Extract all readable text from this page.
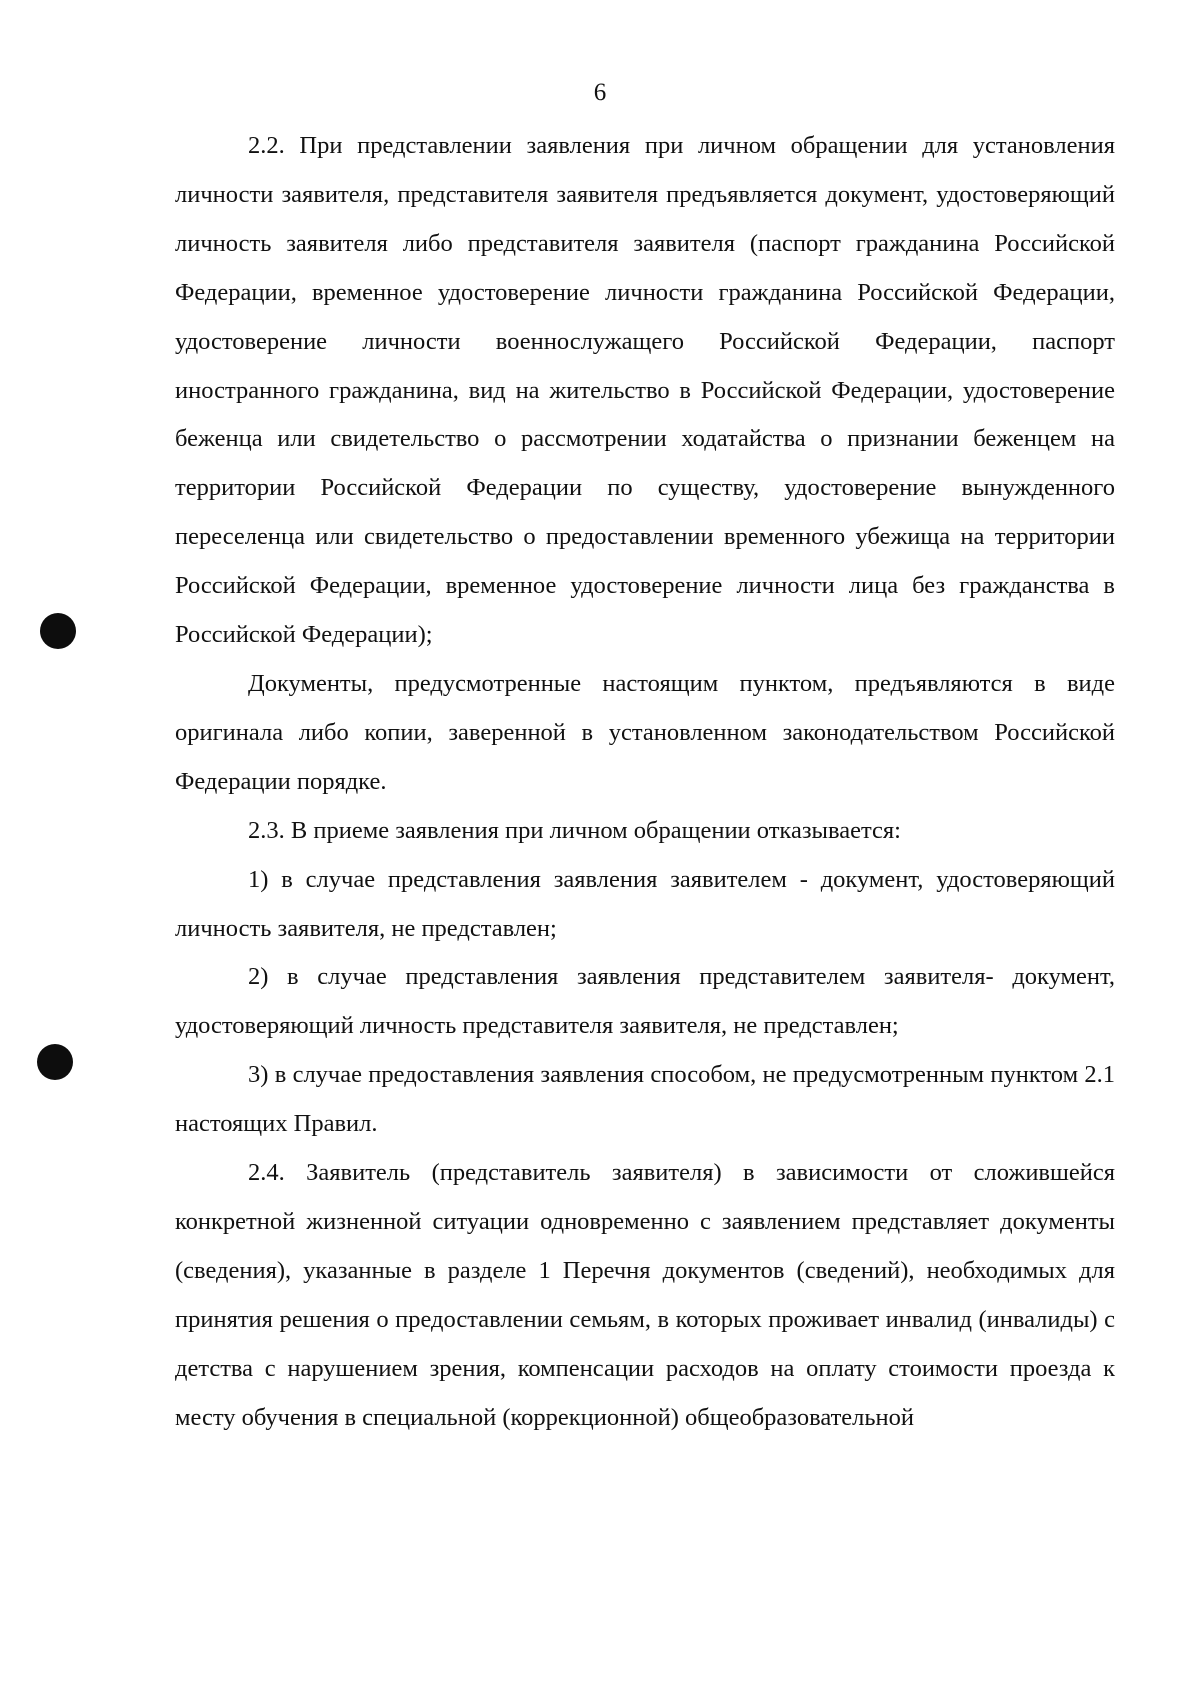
6

2.2. При представлении заявления при личном обращении для установления личности заявителя, представителя заявителя предъявляется документ, удостоверяющий личность заявителя либо представителя заявителя (паспорт гражданина Российской Федерации, временное удостоверение личности гражданина Российской Федерации, удостоверение личности военнослужащего Российской Федерации, паспорт иностранного гражданина, вид на жительство в Российской Федерации, удостоверение беженца или свидетельство о рассмотрении ходатайства о признании беженцем на территории Российской Федерации по существу, удостоверение вынужденного переселенца или свидетельство о предоставлении временного убежища на территории Российской Федерации, временное удостоверение личности лица без гражданства в Российской Федерации);

Документы, предусмотренные настоящим пунктом, предъявляются в виде оригинала либо копии, заверенной в установленном законодательством Российской Федерации порядке.

2.3. В приеме заявления при личном обращении отказывается:

1) в случае представления заявления заявителем - документ, удостоверяющий личность заявителя, не представлен;

2) в случае представления заявления представителем заявителя- документ, удостоверяющий личность представителя заявителя, не представлен;

3) в случае предоставления заявления способом, не предусмотренным пунктом 2.1 настоящих Правил.

2.4. Заявитель (представитель заявителя) в зависимости от сложившейся конкретной жизненной ситуации одновременно с заявлением представляет документы (сведения), указанные в разделе 1 Перечня документов (сведений), необходимых для принятия решения о предоставлении семьям, в которых проживает инвалид (инвалиды) с детства с нарушением зрения, компенсации расходов на оплату стоимости проезда к месту обучения в специальной (коррекционной) общеобразовательной
